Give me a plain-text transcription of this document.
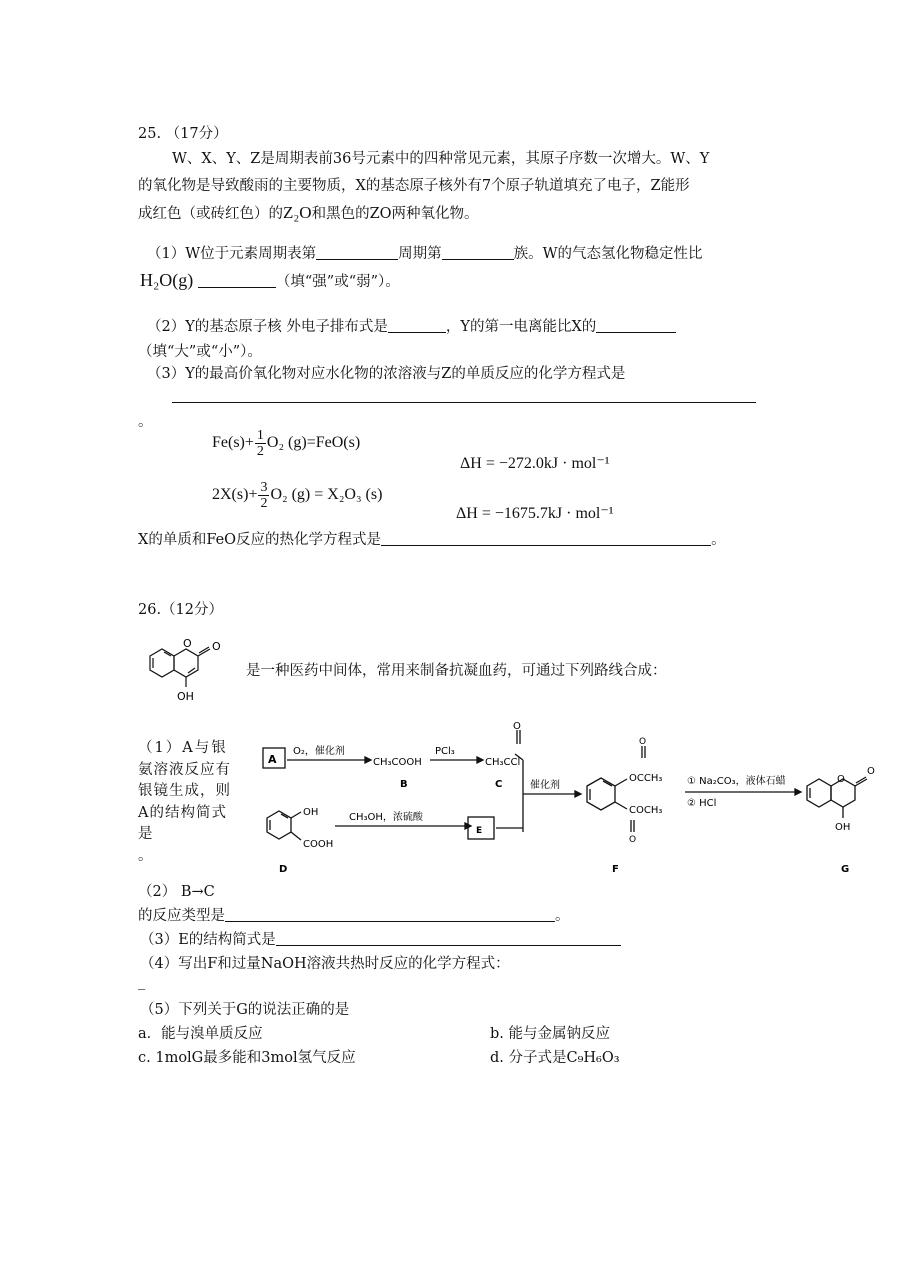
25. （17分）
W、X、Y、Z是周期表前36号元素中的四种常见元素，其原子序数一次增大。W、Y
的氧化物是导致酸雨的主要物质，X的基态原子核外有7个原子轨道填充了电子，Z能形
成红色（或砖红色）的Z₂O和黑色的ZO两种氧化物。
（1）W位于元素周期表第	周期第	族。W的气态氢化物稳定性比
H₂O(g)	（填“强”或“弱”）。
（2）Y的基态原子核 外电子排布式是	，Y的第一电离能比X的
（填“大”或“小”）。
（3）Y的最高价氧化物对应水化物的浓溶液与Z的单质反应的化学方程式是
。
$Fe(s)+ \frac{1}{2} O_2$ (g)=FeO(s)
ΔH = −272.0kJ · mol⁻¹
$2X(s)+ \frac{3}{2} O_2$ (g) = X₂O₃ (s)
ΔH = −1675.7kJ · mol⁻¹
X的单质和FeO反应的热化学方程式是	。
26.（12分）
O O
OH
是一种医药中间体，常用来制备抗凝血药，可通过下列路线合成：
（1）A与银
氨溶液反应有
银镜生成，则
A的结构简式
是
。
A
O₂，催化剂
CH₃COOH
PCl₃
CH₃CCl
O
B	C	催化剂
OH
COOH
CH₃OH，浓硫酸
E
D
O
OCCH₃
COCH₃
O
F
① Na₂CO₃，液体石蜡
② HCl
O
O
OH
G
（2） B→C
的反应类型是	。
（3）E的结构简式是
（4）写出F和过量NaOH溶液共热时反应的化学方程式：
_
（5）下列关于G的说法正确的是
a．能与溴单质反应	b. 能与金属钠反应
c. 1molG最多能和3mol氢气反应	d. 分子式是C₉H₆O₃
